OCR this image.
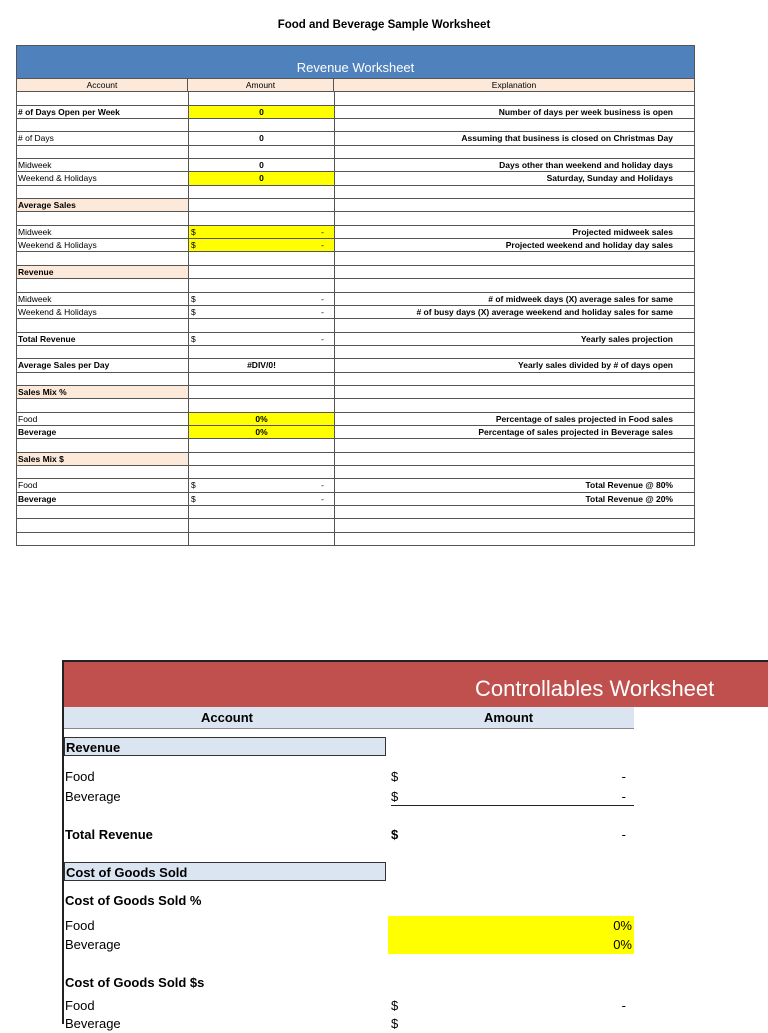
Food and Beverage Sample Worksheet
Revenue Worksheet
Account	Amount	Explanation
# of Days Open per Week	0	Number of days per week business is open
# of Days	0	Assuming that business is closed on Christmas Day
Midweek	0	Days other than weekend and holiday days
Weekend & Holidays	0	Saturday, Sunday and Holidays
Average Sales
Midweek	$	-	Projected midweek sales
Weekend & Holidays	$	-	Projected weekend and holiday day sales
Revenue
Midweek	$	-	# of midweek days (X) average sales for same
Weekend & Holidays	$	-	# of busy days (X) average weekend and holiday sales for same
Total Revenue	$	-	Yearly sales projection
Average Sales per Day	#DIV/0!	Yearly sales divided by # of days open
Sales Mix %
Food	0%	Percentage of sales projected in Food sales
Beverage	0%	Percentage of sales projected in Beverage sales
Sales Mix $
Food	$	-	Total Revenue @ 80%
Beverage	$	-	Total Revenue @ 20%
Controllables Worksheet
Account	Amount
Revenue
Food	$	-
Beverage	$	-
Total Revenue	$	-
Cost of Goods Sold
Cost of Goods Sold %
Food	0%
Beverage	0%
Cost of Goods Sold $s
Food	$	-
Beverage	$
